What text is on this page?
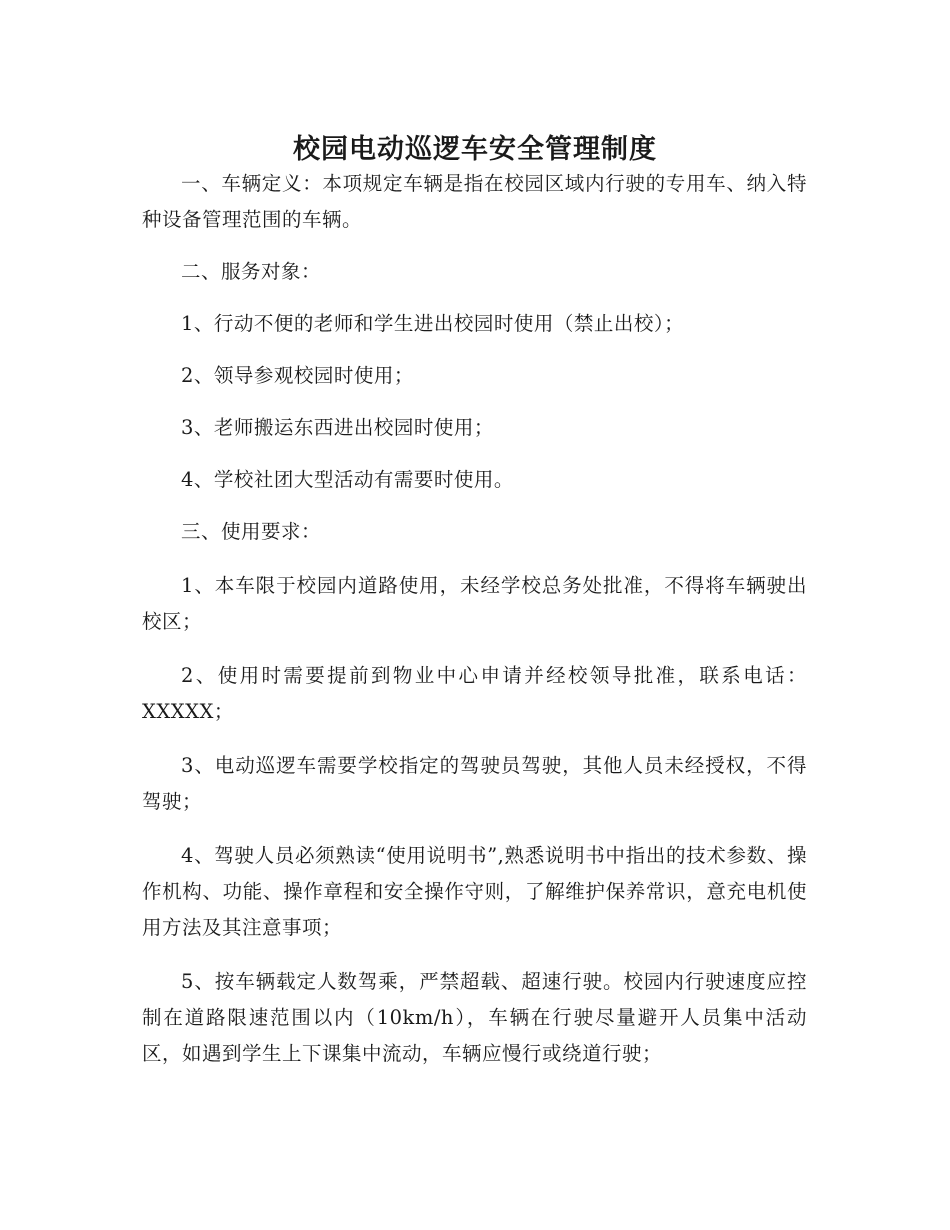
校园电动巡逻车安全管理制度

一、车辆定义：本项规定车辆是指在校园区域内行驶的专用车、纳入特种设备管理范围的车辆。

二、服务对象：

1、行动不便的老师和学生进出校园时使用（禁止出校）；

2、领导参观校园时使用；

3、老师搬运东西进出校园时使用；

4、学校社团大型活动有需要时使用。

三、使用要求：

1、本车限于校园内道路使用，未经学校总务处批准，不得将车辆驶出校区；

2、使用时需要提前到物业中心申请并经校领导批准，联系电话：XXXXX；

3、电动巡逻车需要学校指定的驾驶员驾驶，其他人员未经授权，不得驾驶；

4、驾驶人员必须熟读“使用说明书”,熟悉说明书中指出的技术参数、操作机构、功能、操作章程和安全操作守则，了解维护保养常识，意充电机使用方法及其注意事项；

5、按车辆载定人数驾乘，严禁超载、超速行驶。校园内行驶速度应控制在道路限速范围以内（10km/h），车辆在行驶尽量避开人员集中活动区，如遇到学生上下课集中流动，车辆应慢行或绕道行驶；
